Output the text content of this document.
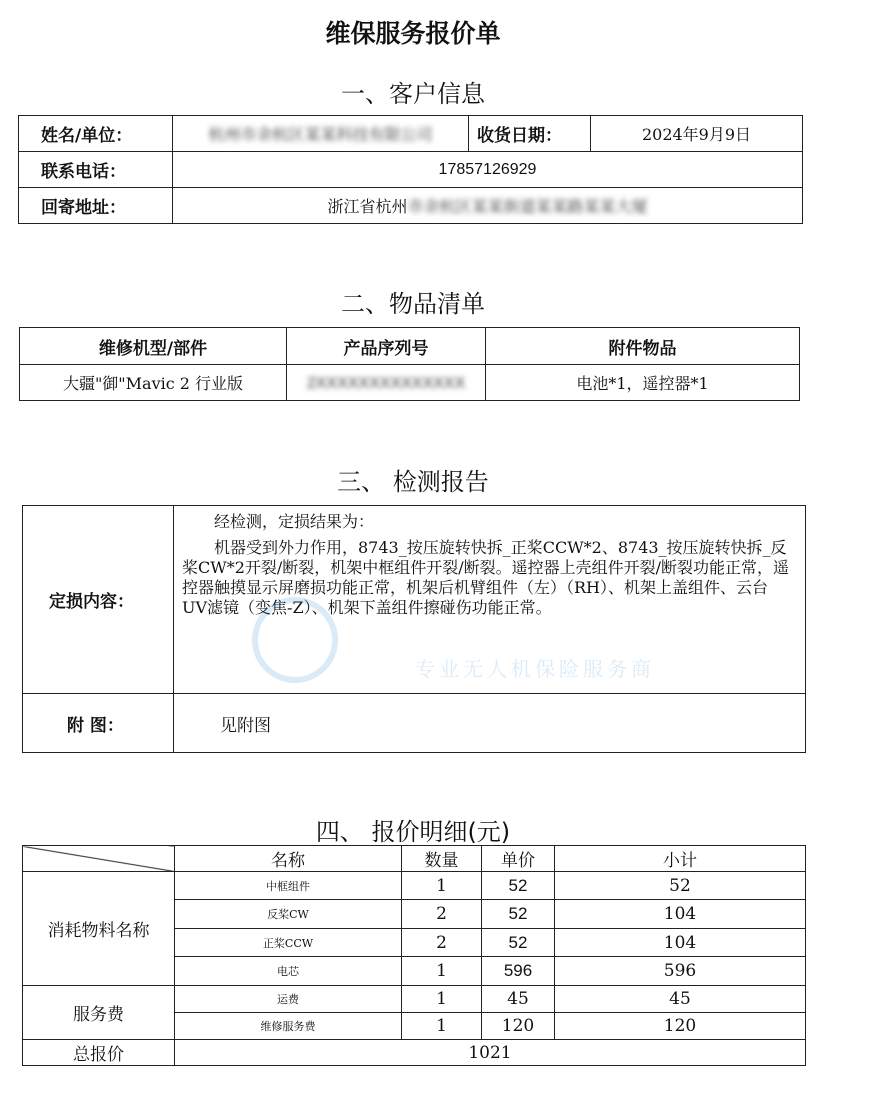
维保服务报价单
一、客户信息
姓名/单位：	杭州市余杭区某某科技有限公司	收货日期：	2024年9月9日
联系电话：	17857126929		
回寄地址：	浙江省杭州市余杭区某某街道某某路某某大厦		
二、物品清单
维修机型/部件	产品序列号	附件物品
大疆"御"Mavic 2 行业版	2XXXXXXXXXXXXXX	电池*1，遥控器*1
三、 检测报告
定损内容：	经检测，定损结果为：

机器受到外力作用，8743_按压旋转快拆_正桨CCW*2、8743_按压旋转快拆_反桨CW*2开裂/断裂，机架中框组件开裂/断裂。遥控器上壳组件开裂/断裂功能正常，遥控器触摸显示屏磨损功能正常，机架后机臂组件（左）（RH）、机架上盖组件、云台UV滤镜（变焦-Z）、机架下盖组件擦碰伤功能正常。

附 图：	见附图
专业无人机保险服务商
四、 报价明细(元)
	名称	数量	单价	小计
消耗物料名称	中框组件	1	52	52
	反桨CW	2	52	104
	正桨CCW	2	52	104
	电芯	1	596	596
服务费	运费	1	45	45
	维修服务费	1	120	120
总报价	1021			
